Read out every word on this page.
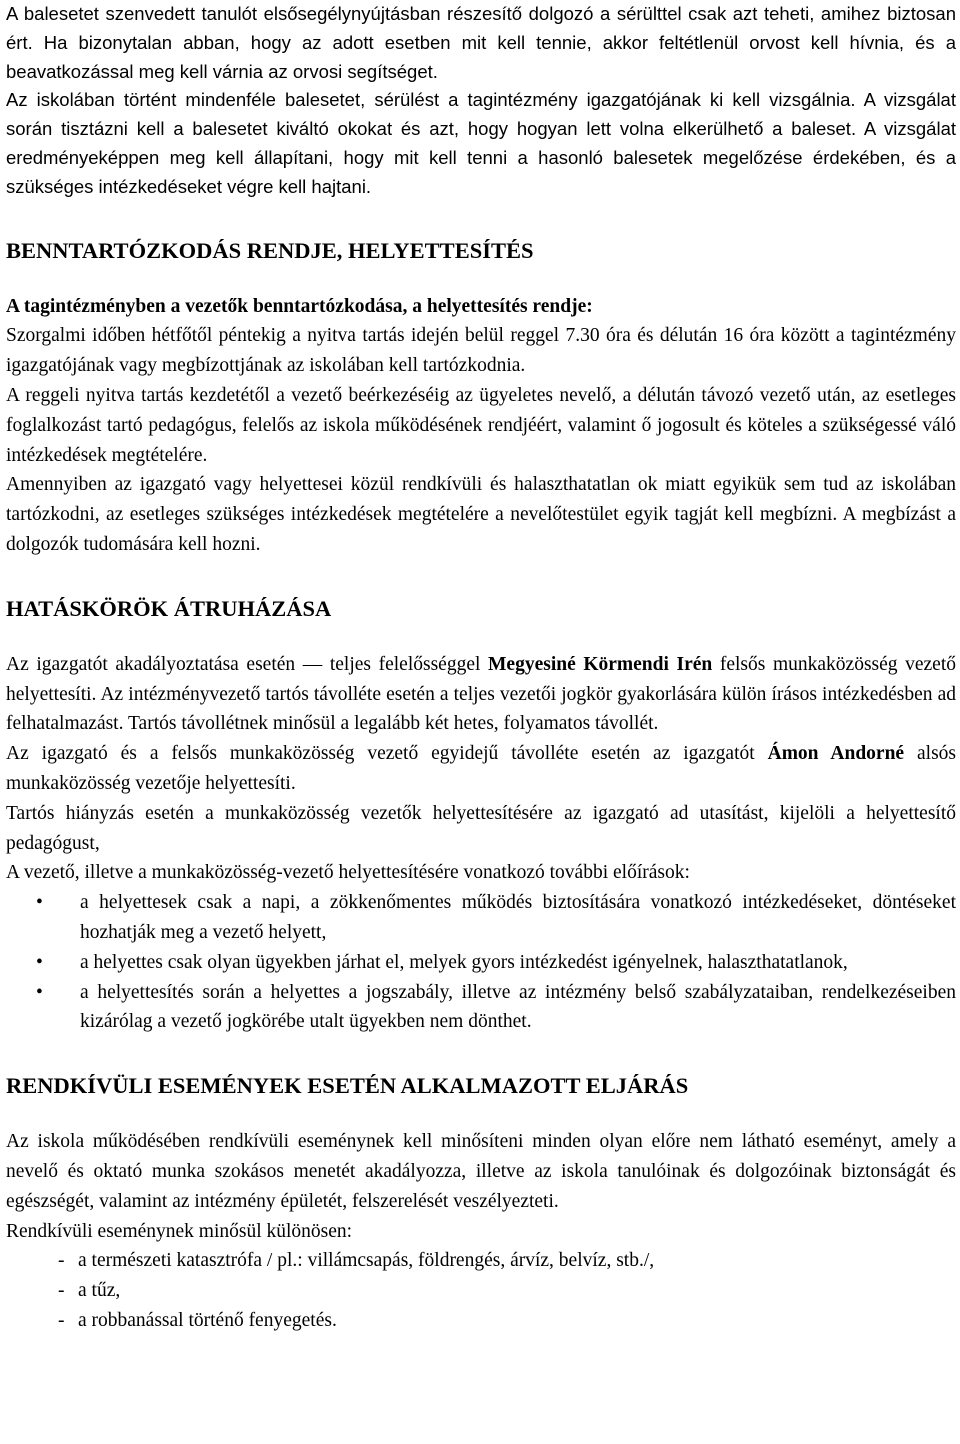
A balesetet szenvedett tanulót elsősegélynyújtásban részesítő dolgozó a sérülttel csak azt teheti, amihez biztosan ért. Ha bizonytalan abban, hogy az adott esetben mit kell tennie, akkor feltétlenül orvost kell hívnia, és a beavatkozással meg kell várnia az orvosi segítséget.

Az iskolában történt mindenféle balesetet, sérülést a tagintézmény igazgatójának ki kell vizsgálnia. A vizsgálat során tisztázni kell a balesetet kiváltó okokat és azt, hogy hogyan lett volna elkerülhető a baleset. A vizsgálat eredményeképpen meg kell állapítani, hogy mit kell tenni a hasonló balesetek megelőzése érdekében, és a szükséges intézkedéseket végre kell hajtani.

BENNTARTÓZKODÁS RENDJE, HELYETTESÍTÉS

A tagintézményben a vezetők benntartózkodása, a helyettesítés rendje:

Szorgalmi időben hétfőtől péntekig a nyitva tartás idején belül reggel 7.30 óra és délután 16 óra között a tagintézmény igazgatójának vagy megbízottjának az iskolában kell tartózkodnia.

A reggeli nyitva tartás kezdetétől a vezető beérkezéséig az ügyeletes nevelő, a délután távozó vezető után, az esetleges foglalkozást tartó pedagógus, felelős az iskola működésének rendjéért, valamint ő jogosult és köteles a szükségessé váló intézkedések megtételére.

Amennyiben az igazgató vagy helyettesei közül rendkívüli és halaszthatatlan ok miatt egyikük sem tud az iskolában tartózkodni, az esetleges szükséges intézkedések megtételére a nevelőtestület egyik tagját kell megbízni. A megbízást a dolgozók tudomására kell hozni.

HATÁSKÖRÖK ÁTRUHÁZÁSA

Az igazgatót akadályoztatása esetén — teljes felelősséggel Megyesiné Körmendi Irén felsős munkaközösség vezető helyettesíti. Az intézményvezető tartós távolléte esetén a teljes vezetői jogkör gyakorlására külön írásos intézkedésben ad felhatalmazást. Tartós távollétnek minősül a legalább két hetes, folyamatos távollét.

Az igazgató és a felsős munkaközösség vezető egyidejű távolléte esetén az igazgatót Ámon Andorné alsós munkaközösség vezetője helyettesíti.

Tartós hiányzás esetén a munkaközösség vezetők helyettesítésére az igazgató ad utasítást, kijelöli a helyettesítő pedagógust,

A vezető, illetve a munkaközösség-vezető helyettesítésére vonatkozó további előírások:

• a helyettesek csak a napi, a zökkenőmentes működés biztosítására vonatkozó intézkedéseket, döntéseket hozhatják meg a vezető helyett,
• a helyettes csak olyan ügyekben járhat el, melyek gyors intézkedést igényelnek, halaszthatatlanok,
• a helyettesítés során a helyettes a jogszabály, illetve az intézmény belső szabályzataiban, rendelkezéseiben kizárólag a vezető jogkörébe utalt ügyekben nem dönthet.
RENDKÍVÜLI ESEMÉNYEK ESETÉN ALKALMAZOTT ELJÁRÁS

Az iskola működésében rendkívüli eseménynek kell minősíteni minden olyan előre nem látható eseményt, amely a nevelő és oktató munka szokásos menetét akadályozza, illetve az iskola tanulóinak és dolgozóinak biztonságát és egészségét, valamint az intézmény épületét, felszerelését veszélyezteti.

Rendkívüli eseménynek minősül különösen:

- a természeti katasztrófa / pl.: villámcsapás, földrengés, árvíz, belvíz, stb./,
- a tűz,
- a robbanással történő fenyegetés.
